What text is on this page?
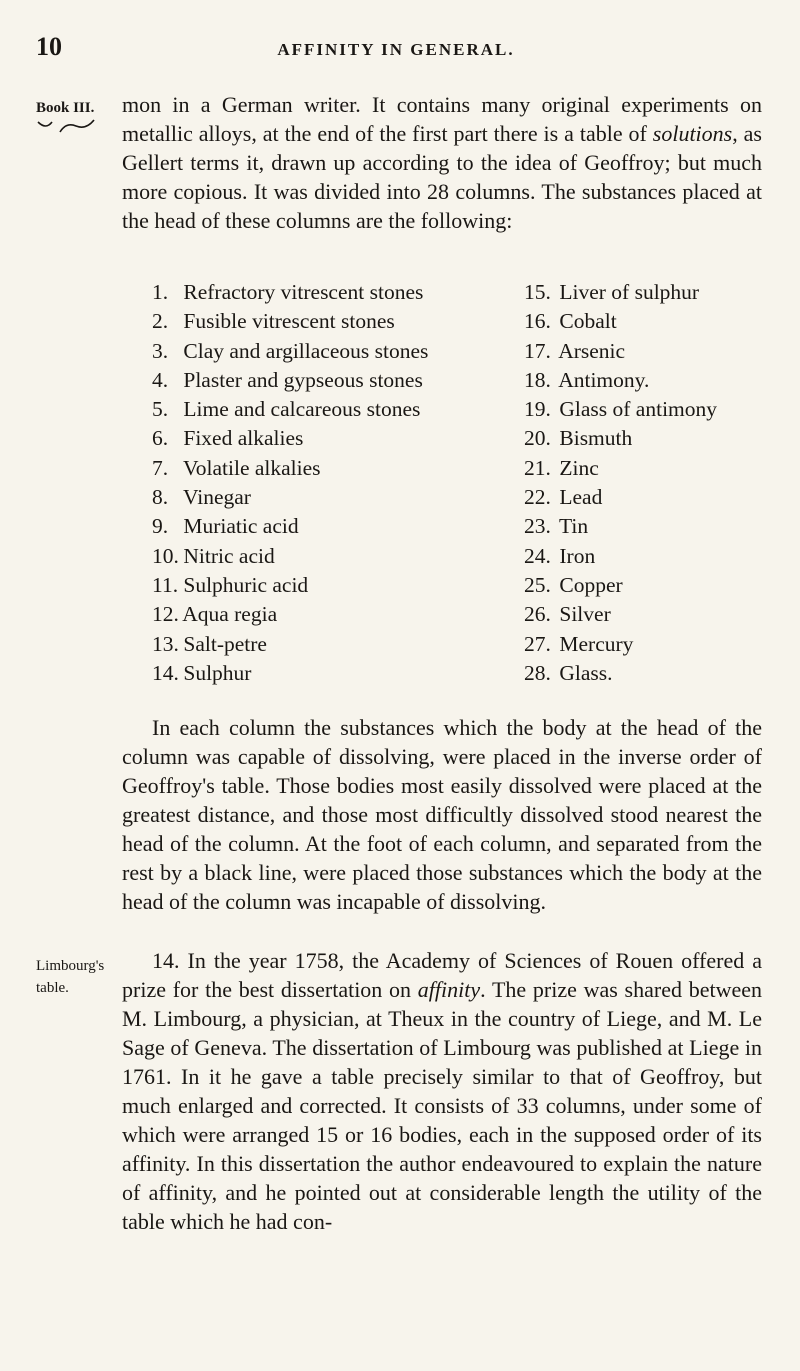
10	AFFINITY IN GENERAL.
Book III. mon in a German writer. It contains many original experiments on metallic alloys, at the end of the first part there is a table of solutions, as Gellert terms it, drawn up according to the idea of Geoffroy; but much more copious. It was divided into 28 columns. The substances placed at the head of these columns are the following:

1. Refractory vitrescent stones
2. Fusible vitrescent stones
3. Clay and argillaceous stones
4. Plaster and gypseous stones
5. Lime and calcareous stones
6. Fixed alkalies
7. Volatile alkalies
8. Vinegar
9. Muriatic acid
10. Nitric acid
11. Sulphuric acid
12. Aqua regia
13. Salt-petre
14. Sulphur
15. Liver of sulphur
16. Cobalt
17. Arsenic
18. Antimony.
19. Glass of antimony
20. Bismuth
21. Zinc
22. Lead
23. Tin
24. Iron
25. Copper
26. Silver
27. Mercury
28. Glass.

In each column the substances which the body at the head of the column was capable of dissolving, were placed in the inverse order of Geoffroy's table. Those bodies most easily dissolved were placed at the greatest distance, and those most difficultly dissolved stood nearest the head of the column. At the foot of each column, and separated from the rest by a black line, were placed those substances which the body at the head of the column was incapable of dissolving.

Limbourg's
table.

14. In the year 1758, the Academy of Sciences of Rouen offered a prize for the best dissertation on affinity. The prize was shared between M. Limbourg, a physician, at Theux in the country of Liege, and M. Le Sage of Geneva. The dissertation of Limbourg was published at Liege in 1761. In it he gave a table precisely similar to that of Geoffroy, but much enlarged and corrected. It consists of 33 columns, under some of which were arranged 15 or 16 bodies, each in the supposed order of its affinity. In this dissertation the author endeavoured to explain the nature of affinity, and he pointed out at considerable length the utility of the table which he had con-
